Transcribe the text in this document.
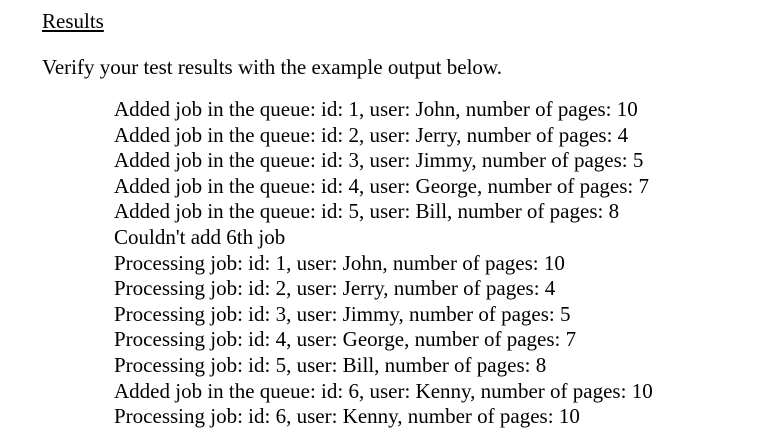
Results
Verify your test results with the example output below.
Added job in the queue: id: 1, user: John, number of pages: 10
Added job in the queue: id: 2, user: Jerry, number of pages: 4
Added job in the queue: id: 3, user: Jimmy, number of pages: 5
Added job in the queue: id: 4, user: George, number of pages: 7
Added job in the queue: id: 5, user: Bill, number of pages: 8
Couldn't add 6th job
Processing job: id: 1, user: John, number of pages: 10
Processing job: id: 2, user: Jerry, number of pages: 4
Processing job: id: 3, user: Jimmy, number of pages: 5
Processing job: id: 4, user: George, number of pages: 7
Processing job: id: 5, user: Bill, number of pages: 8
Added job in the queue: id: 6, user: Kenny, number of pages: 10
Processing job: id: 6, user: Kenny, number of pages: 10
